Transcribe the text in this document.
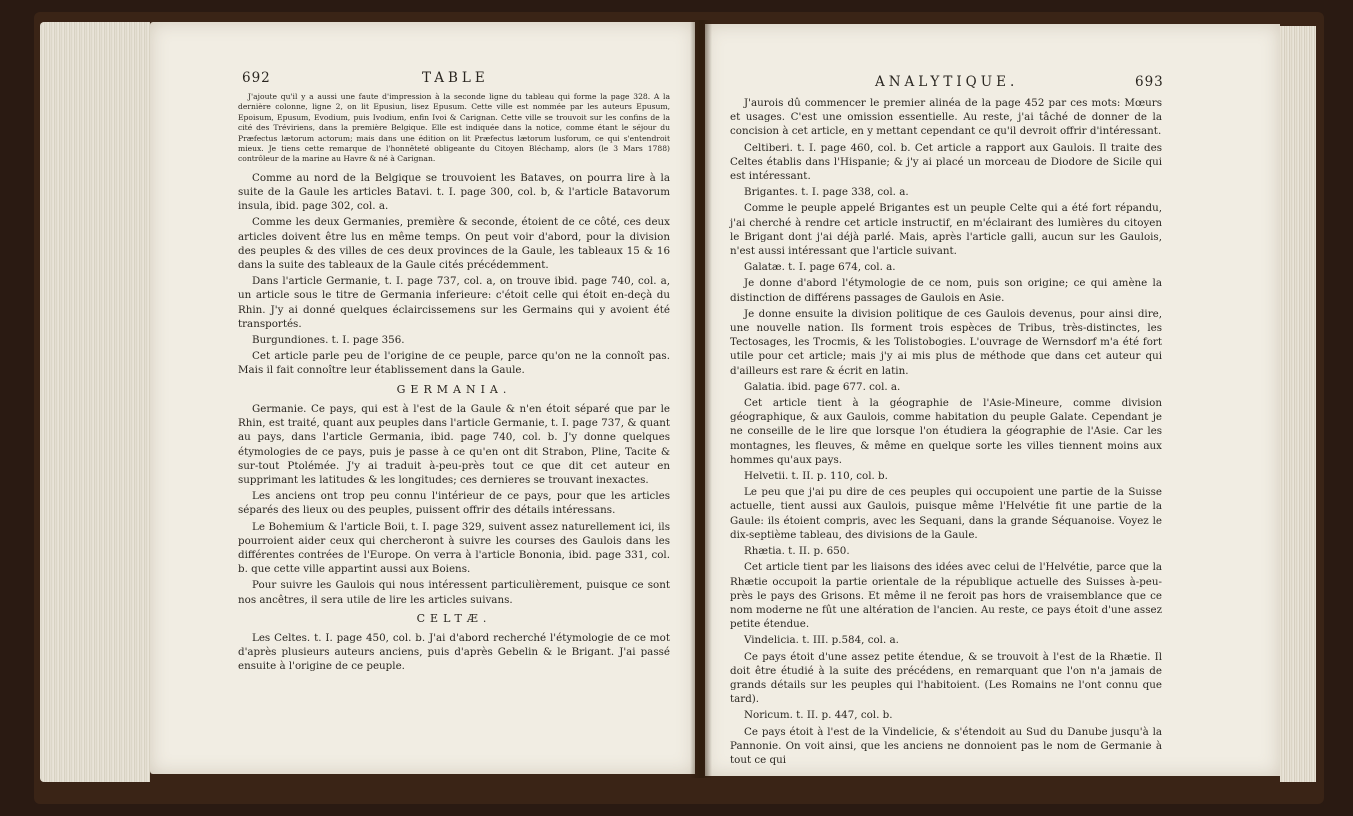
692	TABLE

J'ajoute qu'il y a aussi une faute d'impression à la seconde ligne du tableau qui forme la page 328. A la dernière colonne, ligne 2, on lit Epusiun, lisez Epusum. Cette ville est nommée par les auteurs Epusum, Epoisum, Epusum, Evodium, puis Ivodium, enfin Ivoi & Carignan. Cette ville se trouvoit sur les confins de la cité des Tréviriens, dans la première Belgique. Elle est indiquée dans la notice, comme étant le séjour du Præfectus lætorum actorum; mais dans une édition on lit Præfectus lætorum lusforum, ce qui s'entendroit mieux. Je tiens cette remarque de l'honnêteté obligeante du Citoyen Bléchamp, alors (le 3 Mars 1788) contrôleur de la marine au Havre & né à Carignan.

Comme au nord de la Belgique se trouvoient les Bataves, on pourra lire à la suite de la Gaule les articles Batavi. t. I. page 300, col. b, & l'article Batavorum insula, ibid. page 302, col. a.

Comme les deux Germanies, première & seconde, étoient de ce côté, ces deux articles doivent être lus en même temps. On peut voir d'abord, pour la division des peuples & des villes de ces deux provinces de la Gaule, les tableaux 15 & 16 dans la suite des tableaux de la Gaule cités précédemment.

Dans l'article Germanie, t. I. page 737, col. a, on trouve ibid. page 740, col. a, un article sous le titre de Germania inferieure: c'étoit celle qui étoit en-deçà du Rhin. J'y ai donné quelques éclaircissemens sur les Germains qui y avoient été transportés.

Burgundiones. t. I. page 356.

Cet article parle peu de l'origine de ce peuple, parce qu'on ne la connoît pas. Mais il fait connoître leur établissement dans la Gaule.

GERMANIA.

Germanie. Ce pays, qui est à l'est de la Gaule & n'en étoit séparé que par le Rhin, est traité, quant aux peuples dans l'article Germanie, t. I. page 737, & quant au pays, dans l'article Germania, ibid. page 740, col. b. J'y donne quelques étymologies de ce pays, puis je passe à ce qu'en ont dit Strabon, Pline, Tacite & sur-tout Ptolémée. J'y ai traduit à-peu-près tout ce que dit cet auteur en supprimant les latitudes & les longitudes; ces dernieres se trouvant inexactes.

Les anciens ont trop peu connu l'intérieur de ce pays, pour que les articles séparés des lieux ou des peuples, puissent offrir des détails intéressans.

Le Bohemium & l'article Boii, t. I. page 329, suivent assez naturellement ici, ils pourroient aider ceux qui chercheront à suivre les courses des Gaulois dans les différentes contrées de l'Europe. On verra à l'article Bononia, ibid. page 331, col. b. que cette ville appartint aussi aux Boiens.

Pour suivre les Gaulois qui nous intéressent particulièrement, puisque ce sont nos ancêtres, il sera utile de lire les articles suivans.

CELTÆ.

Les Celtes. t. I. page 450, col. b. J'ai d'abord recherché l'étymologie de ce mot d'après plusieurs auteurs anciens, puis d'après Gebelin & le Brigant. J'ai passé ensuite à l'origine de ce peuple.

ANALYTIQUE.	693

J'aurois dû commencer le premier alinéa de la page 452 par ces mots: Mœurs et usages. C'est une omission essentielle. Au reste, j'ai tâché de donner de la concision à cet article, en y mettant cependant ce qu'il devroit offrir d'intéressant.

Celtiberi. t. I. page 460, col. b. Cet article a rapport aux Gaulois. Il traite des Celtes établis dans l'Hispanie; & j'y ai placé un morceau de Diodore de Sicile qui est intéressant.

Brigantes. t. I. page 338, col. a.

Comme le peuple appelé Brigantes est un peuple Celte qui a été fort répandu, j'ai cherché à rendre cet article instructif, en m'éclairant des lumières du citoyen le Brigant dont j'ai déjà parlé. Mais, après l'article galli, aucun sur les Gaulois, n'est aussi intéressant que l'article suivant.

Galatæ. t. I. page 674, col. a.

Je donne d'abord l'étymologie de ce nom, puis son origine; ce qui amène la distinction de différens passages de Gaulois en Asie.

Je donne ensuite la division politique de ces Gaulois devenus, pour ainsi dire, une nouvelle nation. Ils forment trois espèces de Tribus, très-distinctes, les Tectosages, les Trocmis, & les Tolistobogies. L'ouvrage de Wernsdorf m'a été fort utile pour cet article; mais j'y ai mis plus de méthode que dans cet auteur qui d'ailleurs est rare & écrit en latin.

Galatia. ibid. page 677. col. a.

Cet article tient à la géographie de l'Asie-Mineure, comme division géographique, & aux Gaulois, comme habitation du peuple Galate. Cependant je ne conseille de le lire que lorsque l'on étudiera la géographie de l'Asie. Car les montagnes, les fleuves, & même en quelque sorte les villes tiennent moins aux hommes qu'aux pays.

Helvetii. t. II. p. 110, col. b.

Le peu que j'ai pu dire de ces peuples qui occupoient une partie de la Suisse actuelle, tient aussi aux Gaulois, puisque même l'Helvétie fit une partie de la Gaule: ils étoient compris, avec les Sequani, dans la grande Séquanoise. Voyez le dix-septième tableau, des divisions de la Gaule.

Rhætia. t. II. p. 650.

Cet article tient par les liaisons des idées avec celui de l'Helvétie, parce que la Rhætie occupoit la partie orientale de la république actuelle des Suisses à-peu-près le pays des Grisons. Et même il ne feroit pas hors de vraisemblance que ce nom moderne ne fût une altération de l'ancien. Au reste, ce pays étoit d'une assez petite étendue.

Vindelicia. t. III. p.584, col. a.

Ce pays étoit d'une assez petite étendue, & se trouvoit à l'est de la Rhætie. Il doit être étudié à la suite des précédens, en remarquant que l'on n'a jamais de grands détails sur les peuples qui l'habitoient. (Les Romains ne l'ont connu que tard).

Noricum. t. II. p. 447, col. b.

Ce pays étoit à l'est de la Vindelicie, & s'étendoit au Sud du Danube jusqu'à la Pannonie. On voit ainsi, que les anciens ne donnoient pas le nom de Germanie à tout ce qui
